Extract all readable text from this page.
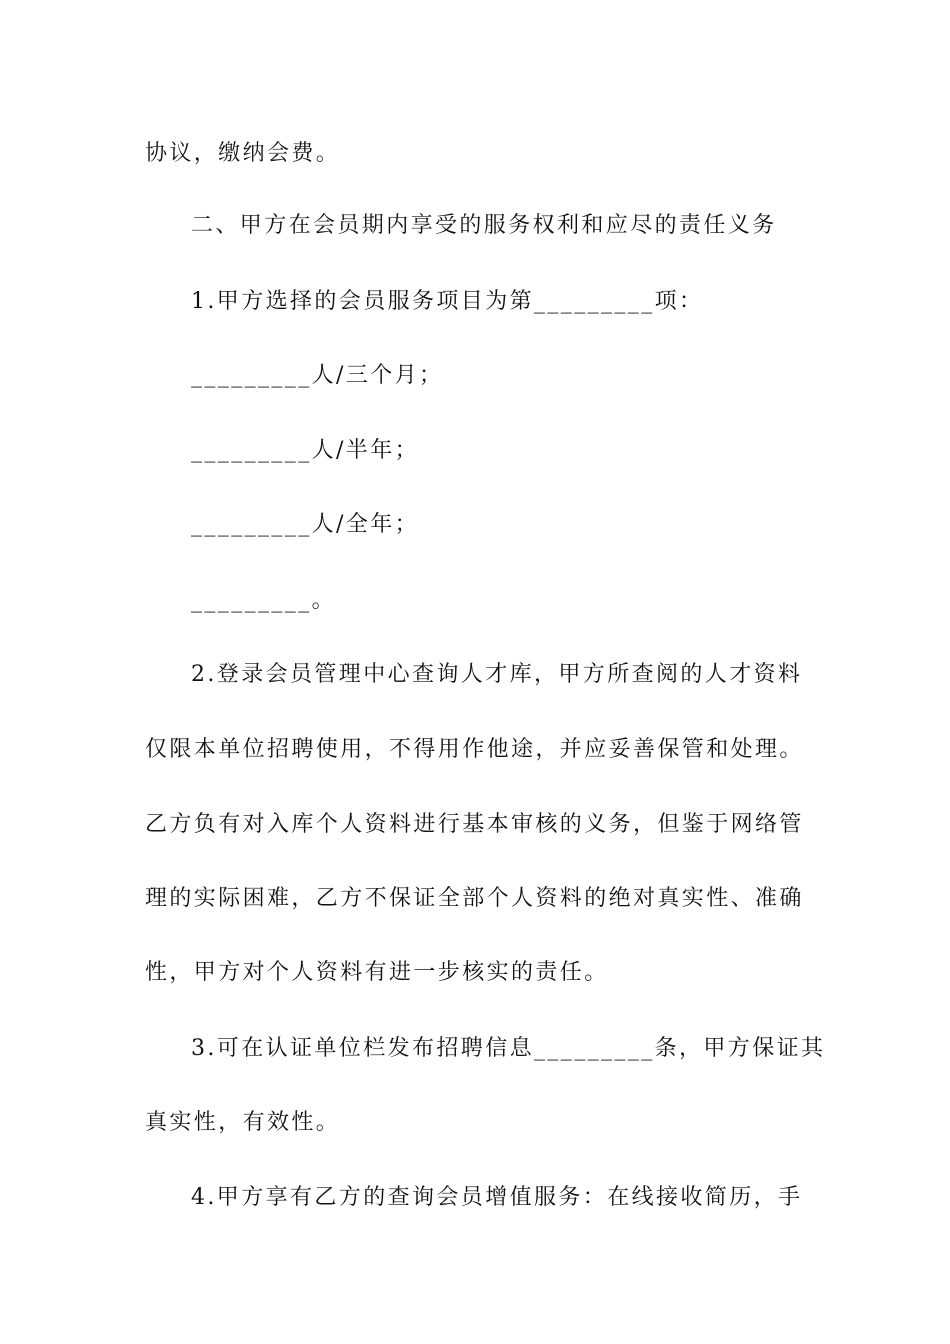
协议，缴纳会费。
二、甲方在会员期内享受的服务权利和应尽的责任义务
1.甲方选择的会员服务项目为第_________项：
_________人/三个月；
_________人/半年；
_________人/全年；
_________。
2.登录会员管理中心查询人才库，甲方所查阅的人才资料
仅限本单位招聘使用，不得用作他途，并应妥善保管和处理。
乙方负有对入库个人资料进行基本审核的义务，但鉴于网络管
理的实际困难，乙方不保证全部个人资料的绝对真实性、准确
性，甲方对个人资料有进一步核实的责任。
3.可在认证单位栏发布招聘信息_________条，甲方保证其
真实性，有效性。
4.甲方享有乙方的查询会员增值服务：在线接收简历，手
